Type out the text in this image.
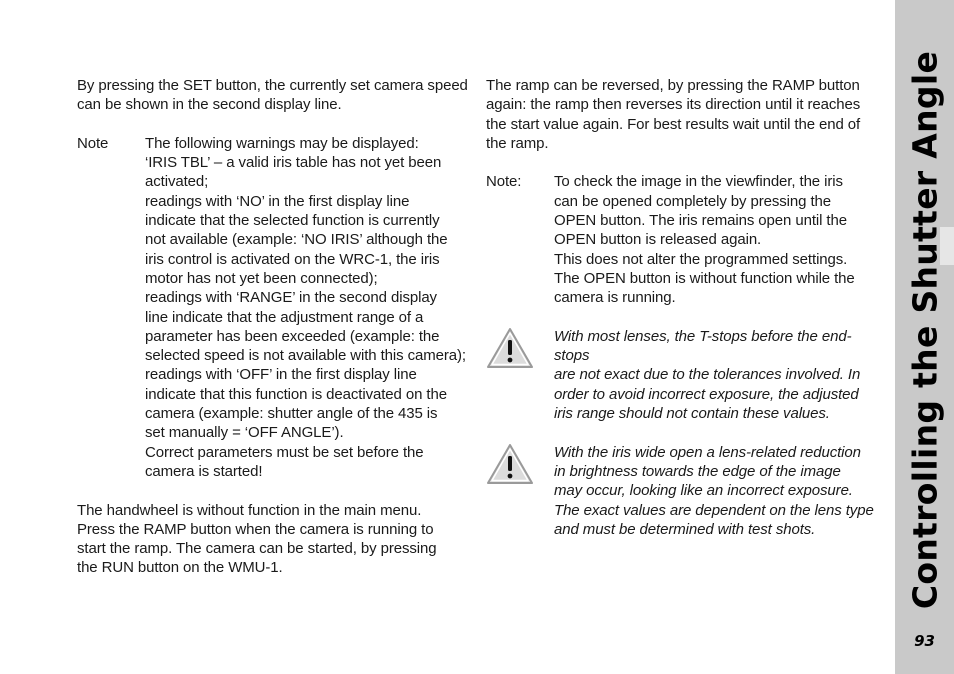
By pressing the SET button, the currently set camera speed

can be shown in the second display line.

Note	The following warnings may be displayed:

‘IRIS TBL’ – a valid iris table has not yet been

activated;

readings with ‘NO’ in the first display line

indicate that the selected function is currently

not available (example: ‘NO IRIS’ although the

iris control is activated on the WRC-1, the iris

motor has not yet been connected);

readings with ‘RANGE’ in the second display

line indicate that the adjustment range of a

parameter has been exceeded (example: the

selected speed is not available with this camera);

readings with ‘OFF’ in the first display line

indicate that this function is deactivated on the

camera (example: shutter angle of the 435 is

set manually = ‘OFF ANGLE’).

Correct parameters must be set before the

camera is started!

The handwheel is without function in the main menu.

Press the RAMP button when the camera is running to

start the ramp. The camera can be started, by pressing

the RUN button on the WMU-1.

The ramp can be reversed, by pressing the RAMP button

again: the ramp then reverses its direction until it reaches

the start value again. For best results wait until the end of

the ramp.

Note:	To check the image in the viewfinder, the iris

can be opened completely by pressing the

OPEN button. The iris remains open until the

OPEN button is released again.

This does not alter the programmed settings.

The OPEN button is without function while the

camera is running.

With most lenses, the T-stops before the end-stops

are not exact due to the tolerances involved. In

order to avoid incorrect exposure, the adjusted

iris range should not contain these values.

With the iris wide open a lens-related reduction

in brightness towards the edge of the image

may occur, looking like an incorrect exposure.

The exact values are dependent on the lens type

and must be determined with test shots.	Controlling the Shutter Angle
93
